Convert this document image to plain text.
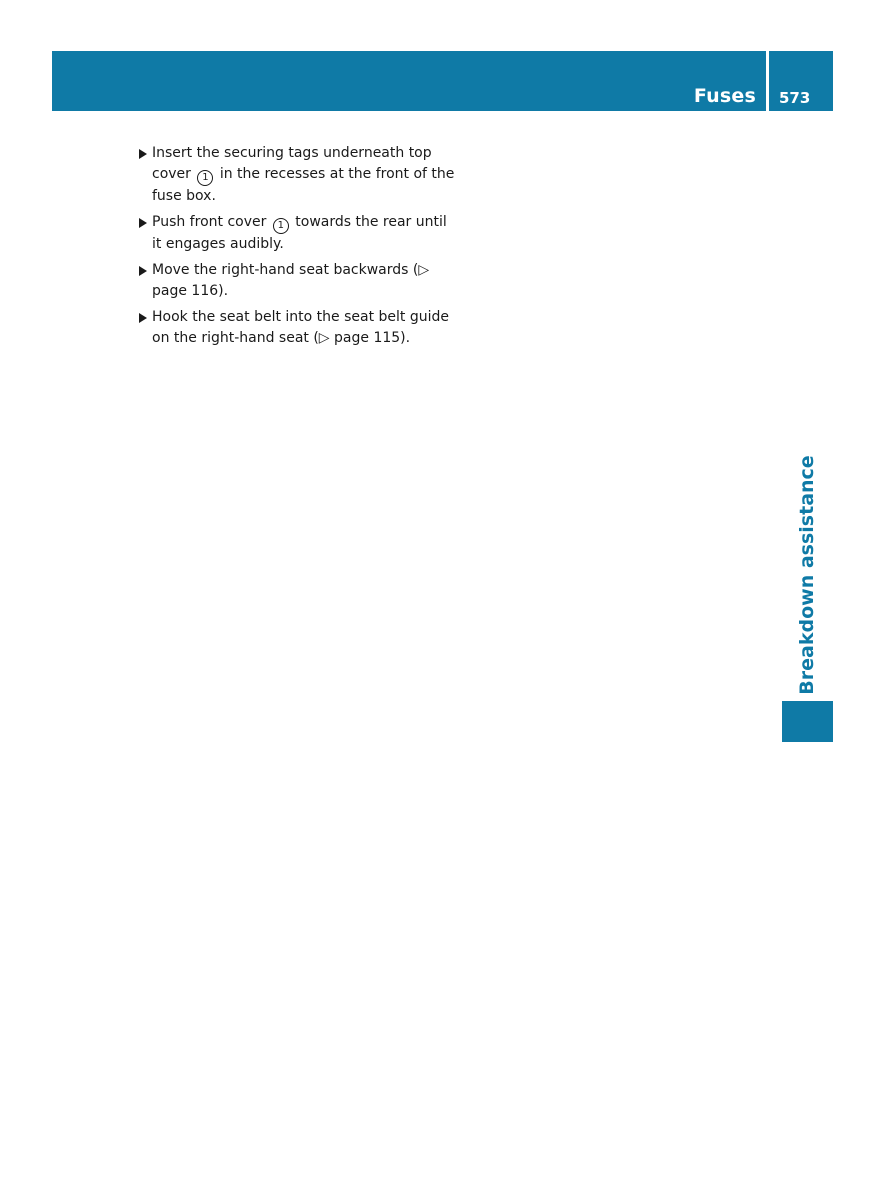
Fuses 573
Insert the securing tags underneath top cover 1 in the recesses at the front of the fuse box.
Push front cover 1 towards the rear until it engages audibly.
Move the right-hand seat backwards (▷ page 116).
Hook the seat belt into the seat belt guide on the right-hand seat (▷ page 115).
Breakdown assistance
